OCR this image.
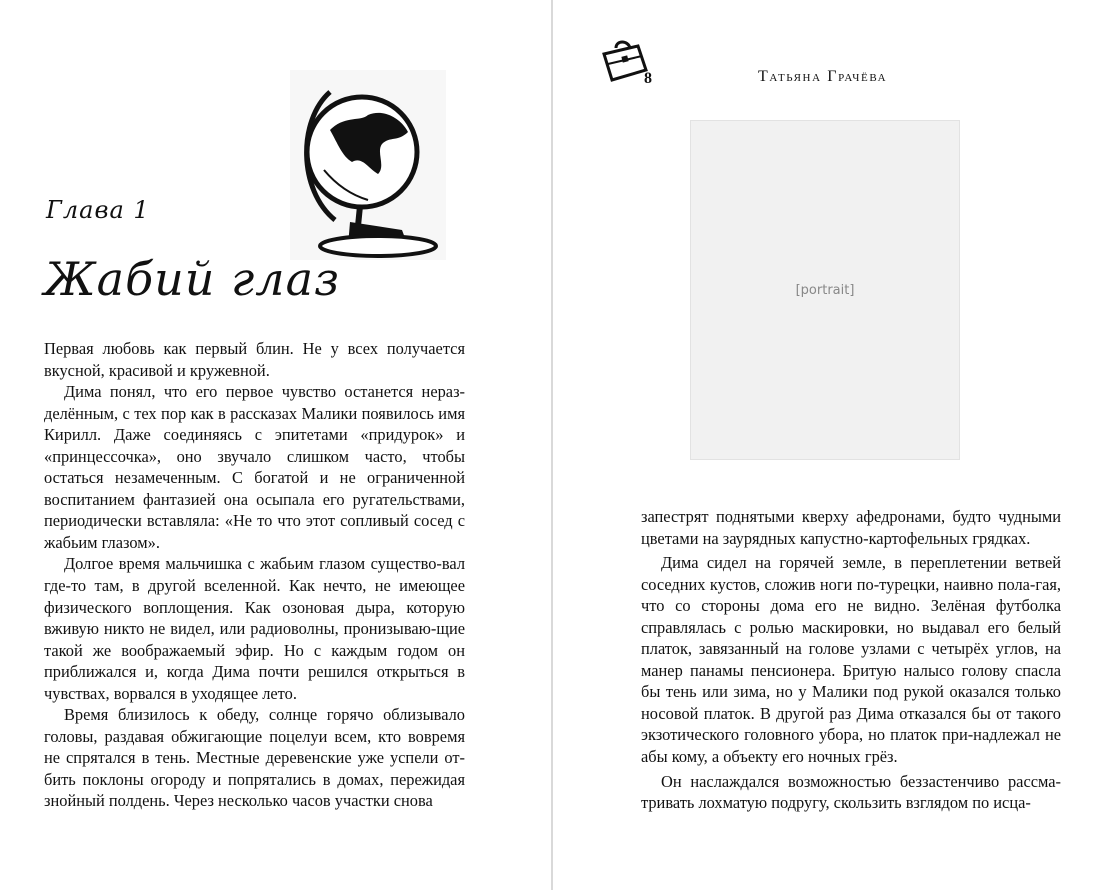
Глава 1
Жабий глаз

Первая любовь как первый блин. Не у всех получается вкусной, красивой и кружевной.

Дима понял, что его первое чувство останется нераз-делённым, с тех пор как в рассказах Малики появилось имя Кирилл. Даже соединяясь с эпитетами «придурок» и «принцессочка», оно звучало слишком часто, чтобы остаться незамеченным. С богатой и не ограниченной воспитанием фантазией она осыпала его ругательствами, периодически вставляла: «Не то что этот сопливый сосед с жабьим глазом».

Долгое время мальчишка с жабьим глазом существо-вал где-то там, в другой вселенной. Как нечто, не имеющее физического воплощения. Как озоновая дыра, которую вживую никто не видел, или радиоволны, пронизываю-щие такой же воображаемый эфир. Но с каждым годом он приближался и, когда Дима почти решился открыться в чувствах, ворвался в уходящее лето.

Время близилось к обеду, солнце горячо облизывало головы, раздавая обжигающие поцелуи всем, кто вовремя не спрятался в тень. Местные деревенские уже успели от-бить поклоны огороду и попрятались в домах, пережидая знойный полдень. Через несколько часов участки снова

8	Татьяна Грачёва
[portrait]

запестрят поднятыми кверху афедронами, будто чудными цветами на заурядных капустно-картофельных грядках.

Дима сидел на горячей земле, в переплетении ветвей соседних кустов, сложив ноги по-турецки, наивно пола-гая, что со стороны дома его не видно. Зелёная футболка справлялась с ролью маскировки, но выдавал его белый платок, завязанный на голове узлами с четырёх углов, на манер панамы пенсионера. Бритую налысо голову спасла бы тень или зима, но у Малики под рукой оказался только носовой платок. В другой раз Дима отказался бы от такого экзотического головного убора, но платок при-надлежал не абы кому, а объекту его ночных грёз.

Он наслаждался возможностью беззастенчиво рассма-тривать лохматую подругу, скользить взглядом по исца-
